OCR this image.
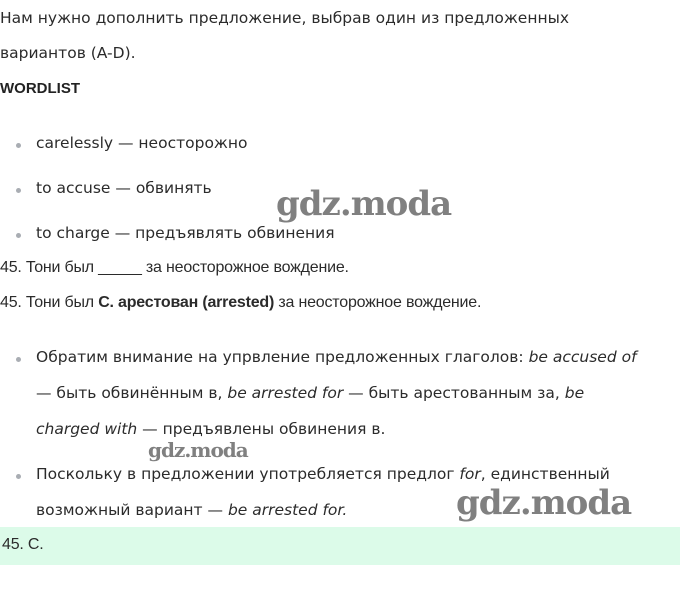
Нам нужно дополнить предложение, выбрав один из предложенных
вариантов (A-D).
WORDLIST
carelessly — неосторожно
to accuse — обвинять
to charge — предъявлять обвинения
45. Тони был _____ за неосторожное вождение.
45. Тони был C. арестован (arrested) за неосторожное вождение.
Обратим внимание на упрвление предложенных глаголов: be accused of
— быть обвинённым в, be arrested for — быть арестованным за, be
charged with — предъявлены обвинения в.
Поскольку в предложении употребляется предлог for, единственный
возможный вариант — be arrested for.
45. C.
gdz.moda
gdz.moda
gdz.moda
